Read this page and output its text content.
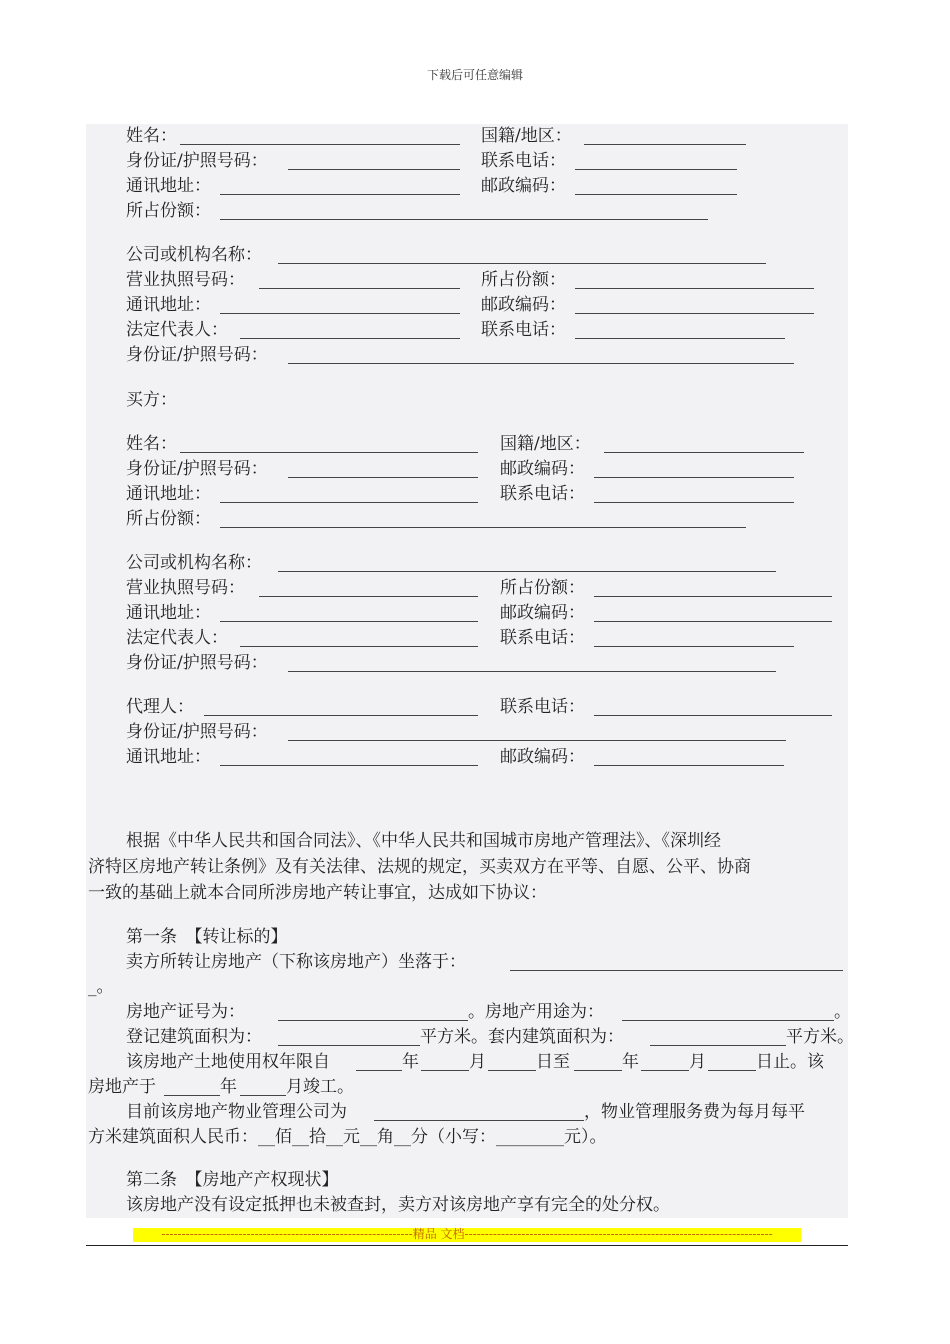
下载后可任意编辑
姓名：	国籍/地区：
身份证/护照号码：	联系电话：
通讯地址：	邮政编码：
所占份额：
公司或机构名称：
营业执照号码：	所占份额：
通讯地址：	邮政编码：
法定代表人：	联系电话：
身份证/护照号码：
买方：
姓名：	国籍/地区：
身份证/护照号码：	邮政编码：
通讯地址：	联系电话：
所占份额：
公司或机构名称：
营业执照号码：	所占份额：
通讯地址：	邮政编码：
法定代表人：	联系电话：
身份证/护照号码：
代理人：	联系电话：
身份证/护照号码：
通讯地址：	邮政编码：
根据《中华人民共和国合同法》、《中华人民共和国城市房地产管理法》、《深圳经
济特区房地产转让条例》及有关法律、法规的规定，买卖双方在平等、自愿、公平、协商
一致的基础上就本合同所涉房地产转让事宜，达成如下协议：
第一条　【转让标的】
卖方所转让房地产（下称该房地产）坐落于：
_。
房地产证号为：	。房地产用途为：	。
登记建筑面积为：	平方米。套内建筑面积为：	平方米。
该房地产土地使用权年限自	年	月	日至	年	月	日止。该
房地产于	年	月竣工。
目前该房地产物业管理公司为	，物业管理服务费为每月每平
方米建筑面积人民币：__佰__拾__元__角__分（小写：________元）。
第二条　【房地产产权现状】
该房地产没有设定抵押也未被查封，卖方对该房地产享有完全的处分权。
--------------------------------------------------------------精品 文档----------------------------------------------------------------------------
